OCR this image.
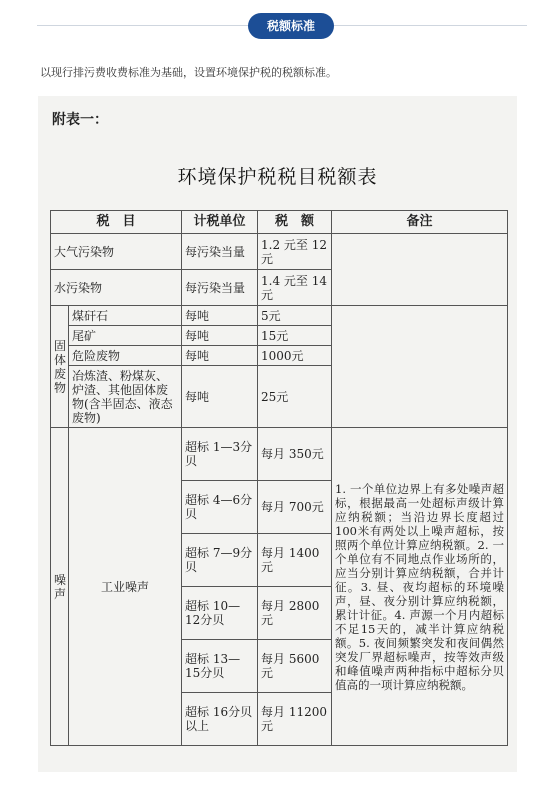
税额标准
以现行排污费收费标准为基础，设置环境保护税的税额标准。
附表一：
环境保护税税目税额表
税　目		计税单位	税　额	备注
大气污染物		每污染当量	1.2 元至 12元	
水污染物		每污染当量	1.4 元至 14元	
固体废物	煤矸石	每吨	5元	
	尾矿	每吨	15元	
	危险废物	每吨	1000元	
	冶炼渣、粉煤灰、炉渣、其他固体废物(含半固态、液态废物)	每吨	25元	
噪声	工业噪声	超标 1—3分贝	每月 350元	1. 一个单位边界上有多处噪声超标，根据最高一处超标声级计算应纳税额；当沿边界长度超过100米有两处以上噪声超标，按照两个单位计算应纳税额。2. 一个单位有不同地点作业场所的，应当分别计算应纳税额，合并计征。3. 昼、夜均超标的环境噪声，昼、夜分别计算应纳税额，累计计征。4. 声源一个月内超标不足15天的，减半计算应纳税额。5. 夜间频繁突发和夜间偶然突发厂界超标噪声，按等效声级和峰值噪声两种指标中超标分贝值高的一项计算应纳税额。
		超标 4—6分贝	每月 700元	
		超标 7—9分贝	每月 1400元	
		超标 10—12分贝	每月 2800元	
		超标 13—15分贝	每月 5600元	
		超标 16分贝以上	每月 11200元	
